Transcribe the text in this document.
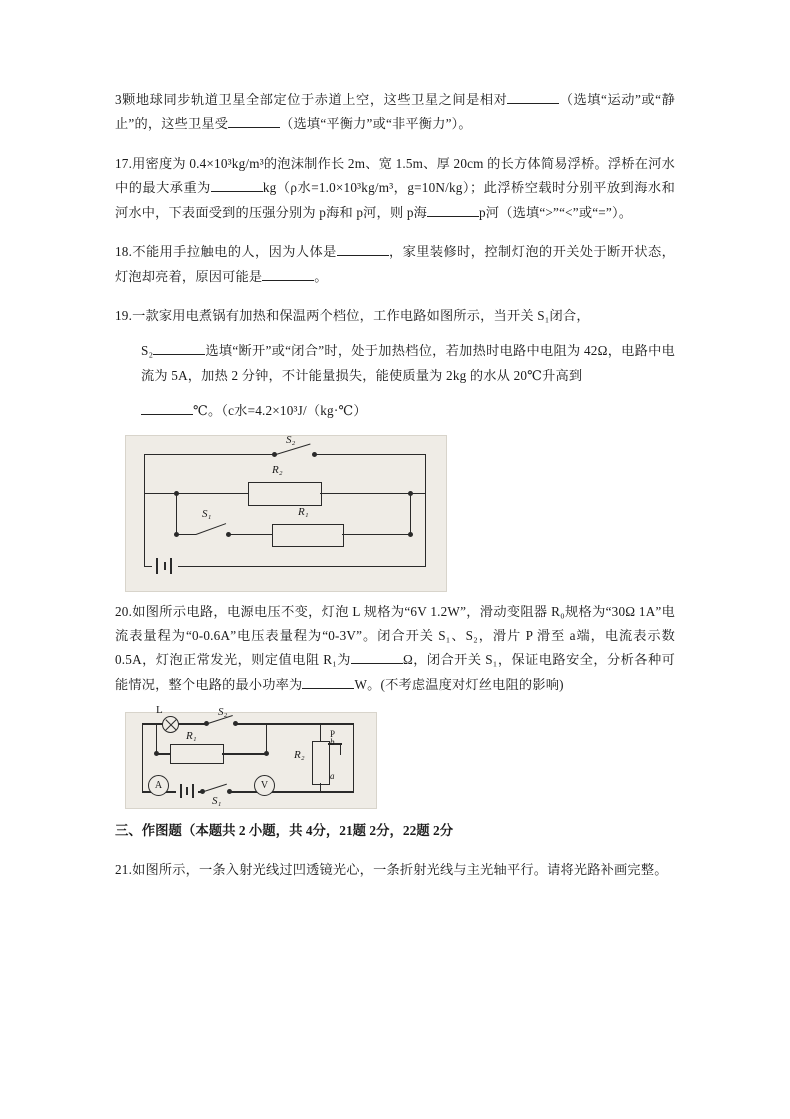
3颗地球同步轨道卫星全部定位于赤道上空，这些卫星之间是相对	（选填“运动”或“静止”的，这些卫星受	（选填“平衡力”或“非平衡力”）。

17.用密度为 0.4×10³kg/m³的泡沫制作长 2m、宽 1.5m、厚 20cm 的长方体简易浮桥。浮桥在河水中的最大承重为	kg（ρ水=1.0×10³kg/m³，g=10N/kg）；此浮桥空载时分别平放到海水和河水中，下表面受到的压强分别为 p海和 p河，则 p海	p河（选填“>”“<”或“=”）。

18.不能用手拉触电的人，因为人体是	，家里装修时，控制灯泡的开关处于断开状态，灯泡却亮着，原因可能是	。

19.一款家用电煮锅有加热和保温两个档位，工作电路如图所示，当开关 S₁闭合，

S₂	选填“断开”或“闭合”时，处于加热档位，若加热时电路中电阻为 42Ω，电路中电流为 5A，加热 2 分钟，不计能量损失，能使质量为 2kg 的水从 20℃升高到

℃。（c水=4.2×10³J/（kg·℃）

S₂
R₂
S₁	R₁

20.如图所示电路，电源电压不变，灯泡 L 规格为“6V 1.2W”，滑动变阻器 R₀规格为“30Ω 1A”电流表量程为“0-0.6A”电压表量程为“0-3V”。闭合开关 S₁、S₂，滑片 P 滑至 a端，电流表示数 0.5A，灯泡正常发光，则定值电阻 R₁为	Ω，闭合开关 S₁，保证电路安全，分析各种可能情况，整个电路的最小功率为	W。(不考虑温度对灯丝电阻的影响)

L	S₂
R₁
A	V
S₁
R₂
P
b
a

三、作图题（本题共 2 小题，共 4分，21题 2分，22题 2分

21.如图所示，一条入射光线过凹透镜光心，一条折射光线与主光轴平行。请将光路补画完整。
